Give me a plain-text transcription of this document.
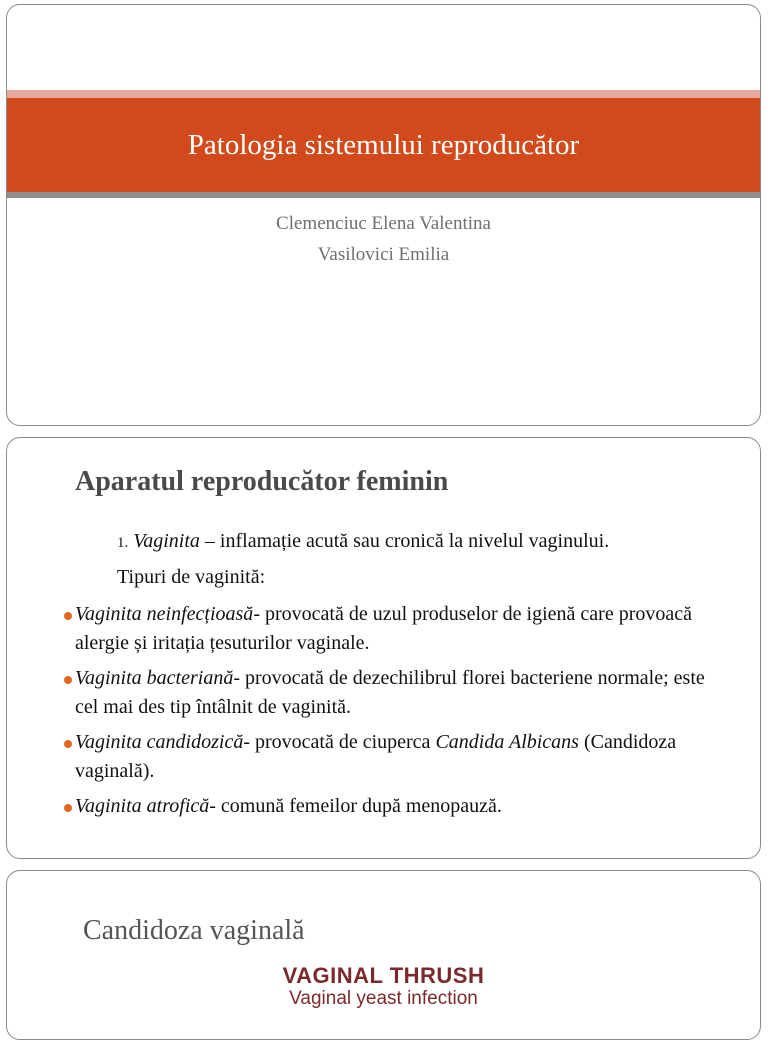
Patologia sistemului reproducător
Clemenciuc Elena Valentina
Vasilovici Emilia
Aparatul reproducător feminin
1. Vaginita – inflamație acută sau cronică la nivelul vaginului.
Tipuri de vaginită:
Vaginita neinfecțioasă- provocată de uzul produselor de igienă care provoacă alergie și iritația țesuturilor vaginale.
Vaginita bacteriană- provocată de dezechilibrul florei bacteriene normale; este cel mai des tip întâlnit de vaginită.
Vaginita candidozică- provocată de ciuperca Candida Albicans (Candidoza vaginală).
Vaginita atrofică- comună femeilor după menopauză.
Candidoza vaginală
VAGINAL THRUSH
Vaginal yeast infection
